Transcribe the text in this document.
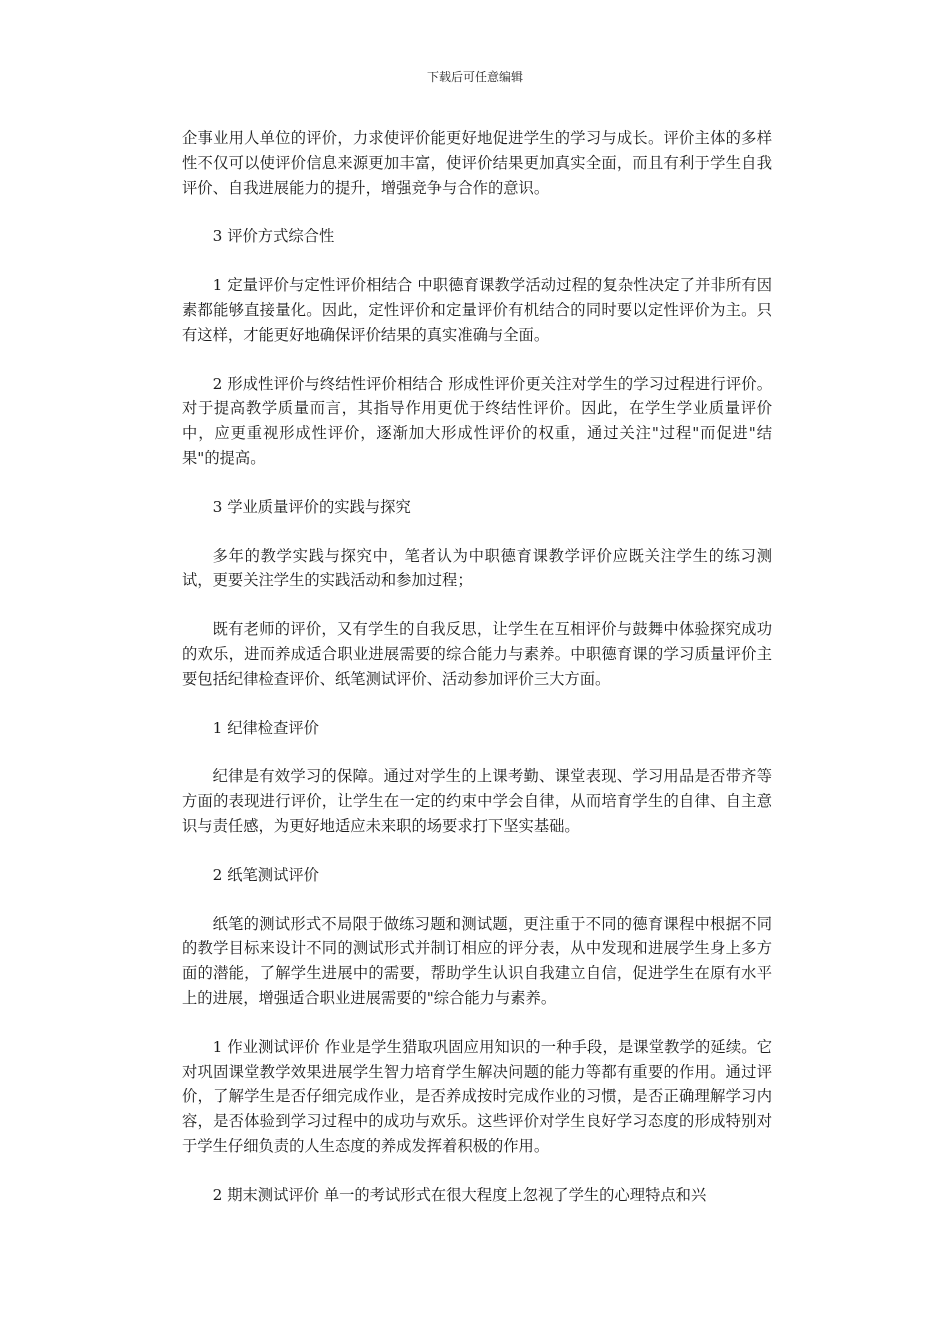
下载后可任意编辑

企事业用人单位的评价，力求使评价能更好地促进学生的学习与成长。评价主体的多样性不仅可以使评价信息来源更加丰富，使评价结果更加真实全面，而且有利于学生自我评价、自我进展能力的提升，增强竞争与合作的意识。

3 评价方式综合性

1 定量评价与定性评价相结合 中职德育课教学活动过程的复杂性决定了并非所有因素都能够直接量化。因此，定性评价和定量评价有机结合的同时要以定性评价为主。只有这样，才能更好地确保评价结果的真实准确与全面。

2 形成性评价与终结性评价相结合 形成性评价更关注对学生的学习过程进行评价。对于提高教学质量而言，其指导作用更优于终结性评价。因此，在学生学业质量评价中，应更重视形成性评价，逐渐加大形成性评价的权重，通过关注"过程"而促进"结果"的提高。

3 学业质量评价的实践与探究

多年的教学实践与探究中，笔者认为中职德育课教学评价应既关注学生的练习测试，更要关注学生的实践活动和参加过程；

既有老师的评价，又有学生的自我反思，让学生在互相评价与鼓舞中体验探究成功的欢乐，进而养成适合职业进展需要的综合能力与素养。中职德育课的学习质量评价主要包括纪律检查评价、纸笔测试评价、活动参加评价三大方面。

1 纪律检查评价

纪律是有效学习的保障。通过对学生的上课考勤、课堂表现、学习用品是否带齐等方面的表现进行评价，让学生在一定的约束中学会自律，从而培育学生的自律、自主意识与责任感，为更好地适应未来职的场要求打下坚实基础。

2 纸笔测试评价

纸笔的测试形式不局限于做练习题和测试题，更注重于不同的德育课程中根据不同的教学目标来设计不同的测试形式并制订相应的评分表，从中发现和进展学生身上多方面的潜能，了解学生进展中的需要，帮助学生认识自我建立自信，促进学生在原有水平上的进展，增强适合职业进展需要的"综合能力与素养。

1 作业测试评价 作业是学生猎取巩固应用知识的一种手段，是课堂教学的延续。它对巩固课堂教学效果进展学生智力培育学生解决问题的能力等都有重要的作用。通过评价，了解学生是否仔细完成作业，是否养成按时完成作业的习惯，是否正确理解学习内容，是否体验到学习过程中的成功与欢乐。这些评价对学生良好学习态度的形成特别对于学生仔细负责的人生态度的养成发挥着积极的作用。

2 期末测试评价 单一的考试形式在很大程度上忽视了学生的心理特点和兴
